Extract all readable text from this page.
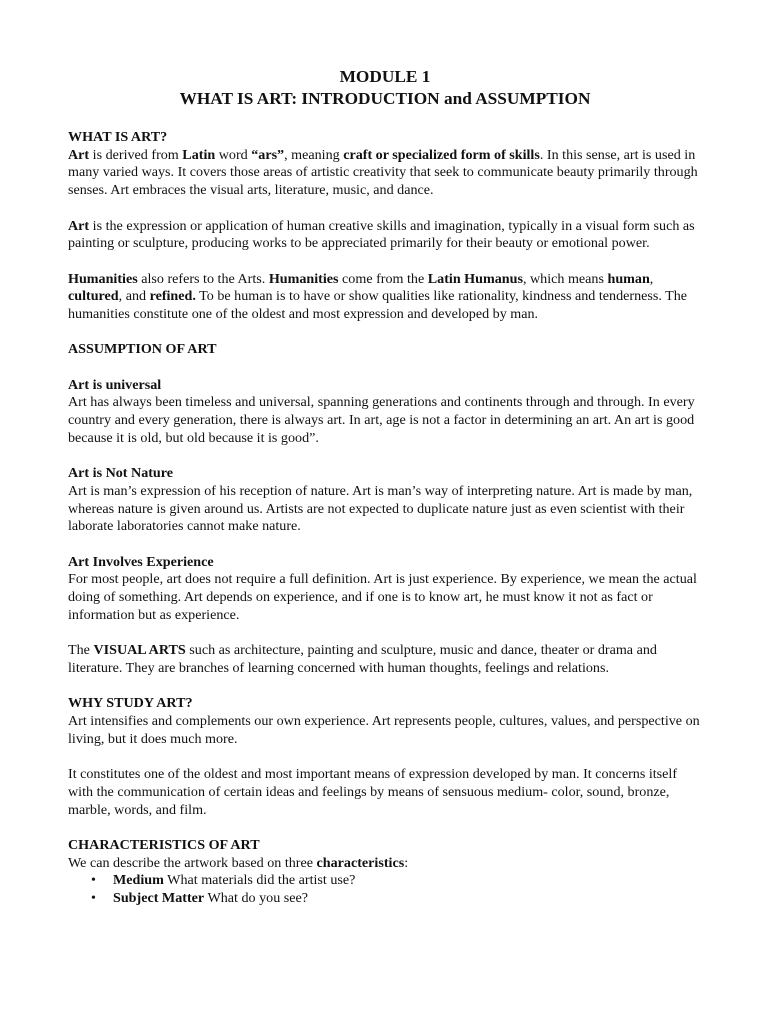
MODULE 1

WHAT IS ART: INTRODUCTION and ASSUMPTION

WHAT IS ART?

Art is derived from Latin word “ars”, meaning craft or specialized form of skills. In this sense, art is used in many varied ways. It covers those areas of artistic creativity that seek to communicate beauty primarily through senses. Art embraces the visual arts, literature, music, and dance.

Art is the expression or application of human creative skills and imagination, typically in a visual form such as painting or sculpture, producing works to be appreciated primarily for their beauty or emotional power.

Humanities also refers to the Arts. Humanities come from the Latin Humanus, which means human, cultured, and refined. To be human is to have or show qualities like rationality, kindness and tenderness. The humanities constitute one of the oldest and most expression and developed by man.

ASSUMPTION OF ART

Art is universal

Art has always been timeless and universal, spanning generations and continents through and through. In every country and every generation, there is always art. In art, age is not a factor in determining an art. An art is good because it is old, but old because it is good”.

Art is Not Nature

Art is man’s expression of his reception of nature. Art is man’s way of interpreting nature. Art is made by man, whereas nature is given around us. Artists are not expected to duplicate nature just as even scientist with their laborate laboratories cannot make nature.

Art Involves Experience

For most people, art does not require a full definition. Art is just experience. By experience, we mean the actual doing of something. Art depends on experience, and if one is to know art, he must know it not as fact or information but as experience.

The VISUAL ARTS such as architecture, painting and sculpture, music and dance, theater or drama and literature. They are branches of learning concerned with human thoughts, feelings and relations.

WHY STUDY ART?

Art intensifies and complements our own experience. Art represents people, cultures, values, and perspective on living, but it does much more.

It constitutes one of the oldest and most important means of expression developed by man. It concerns itself with the communication of certain ideas and feelings by means of sensuous medium- color, sound, bronze, marble, words, and film.

CHARACTERISTICS OF ART

We can describe the artwork based on three characteristics:

• Medium What materials did the artist use?
• Subject Matter What do you see?
